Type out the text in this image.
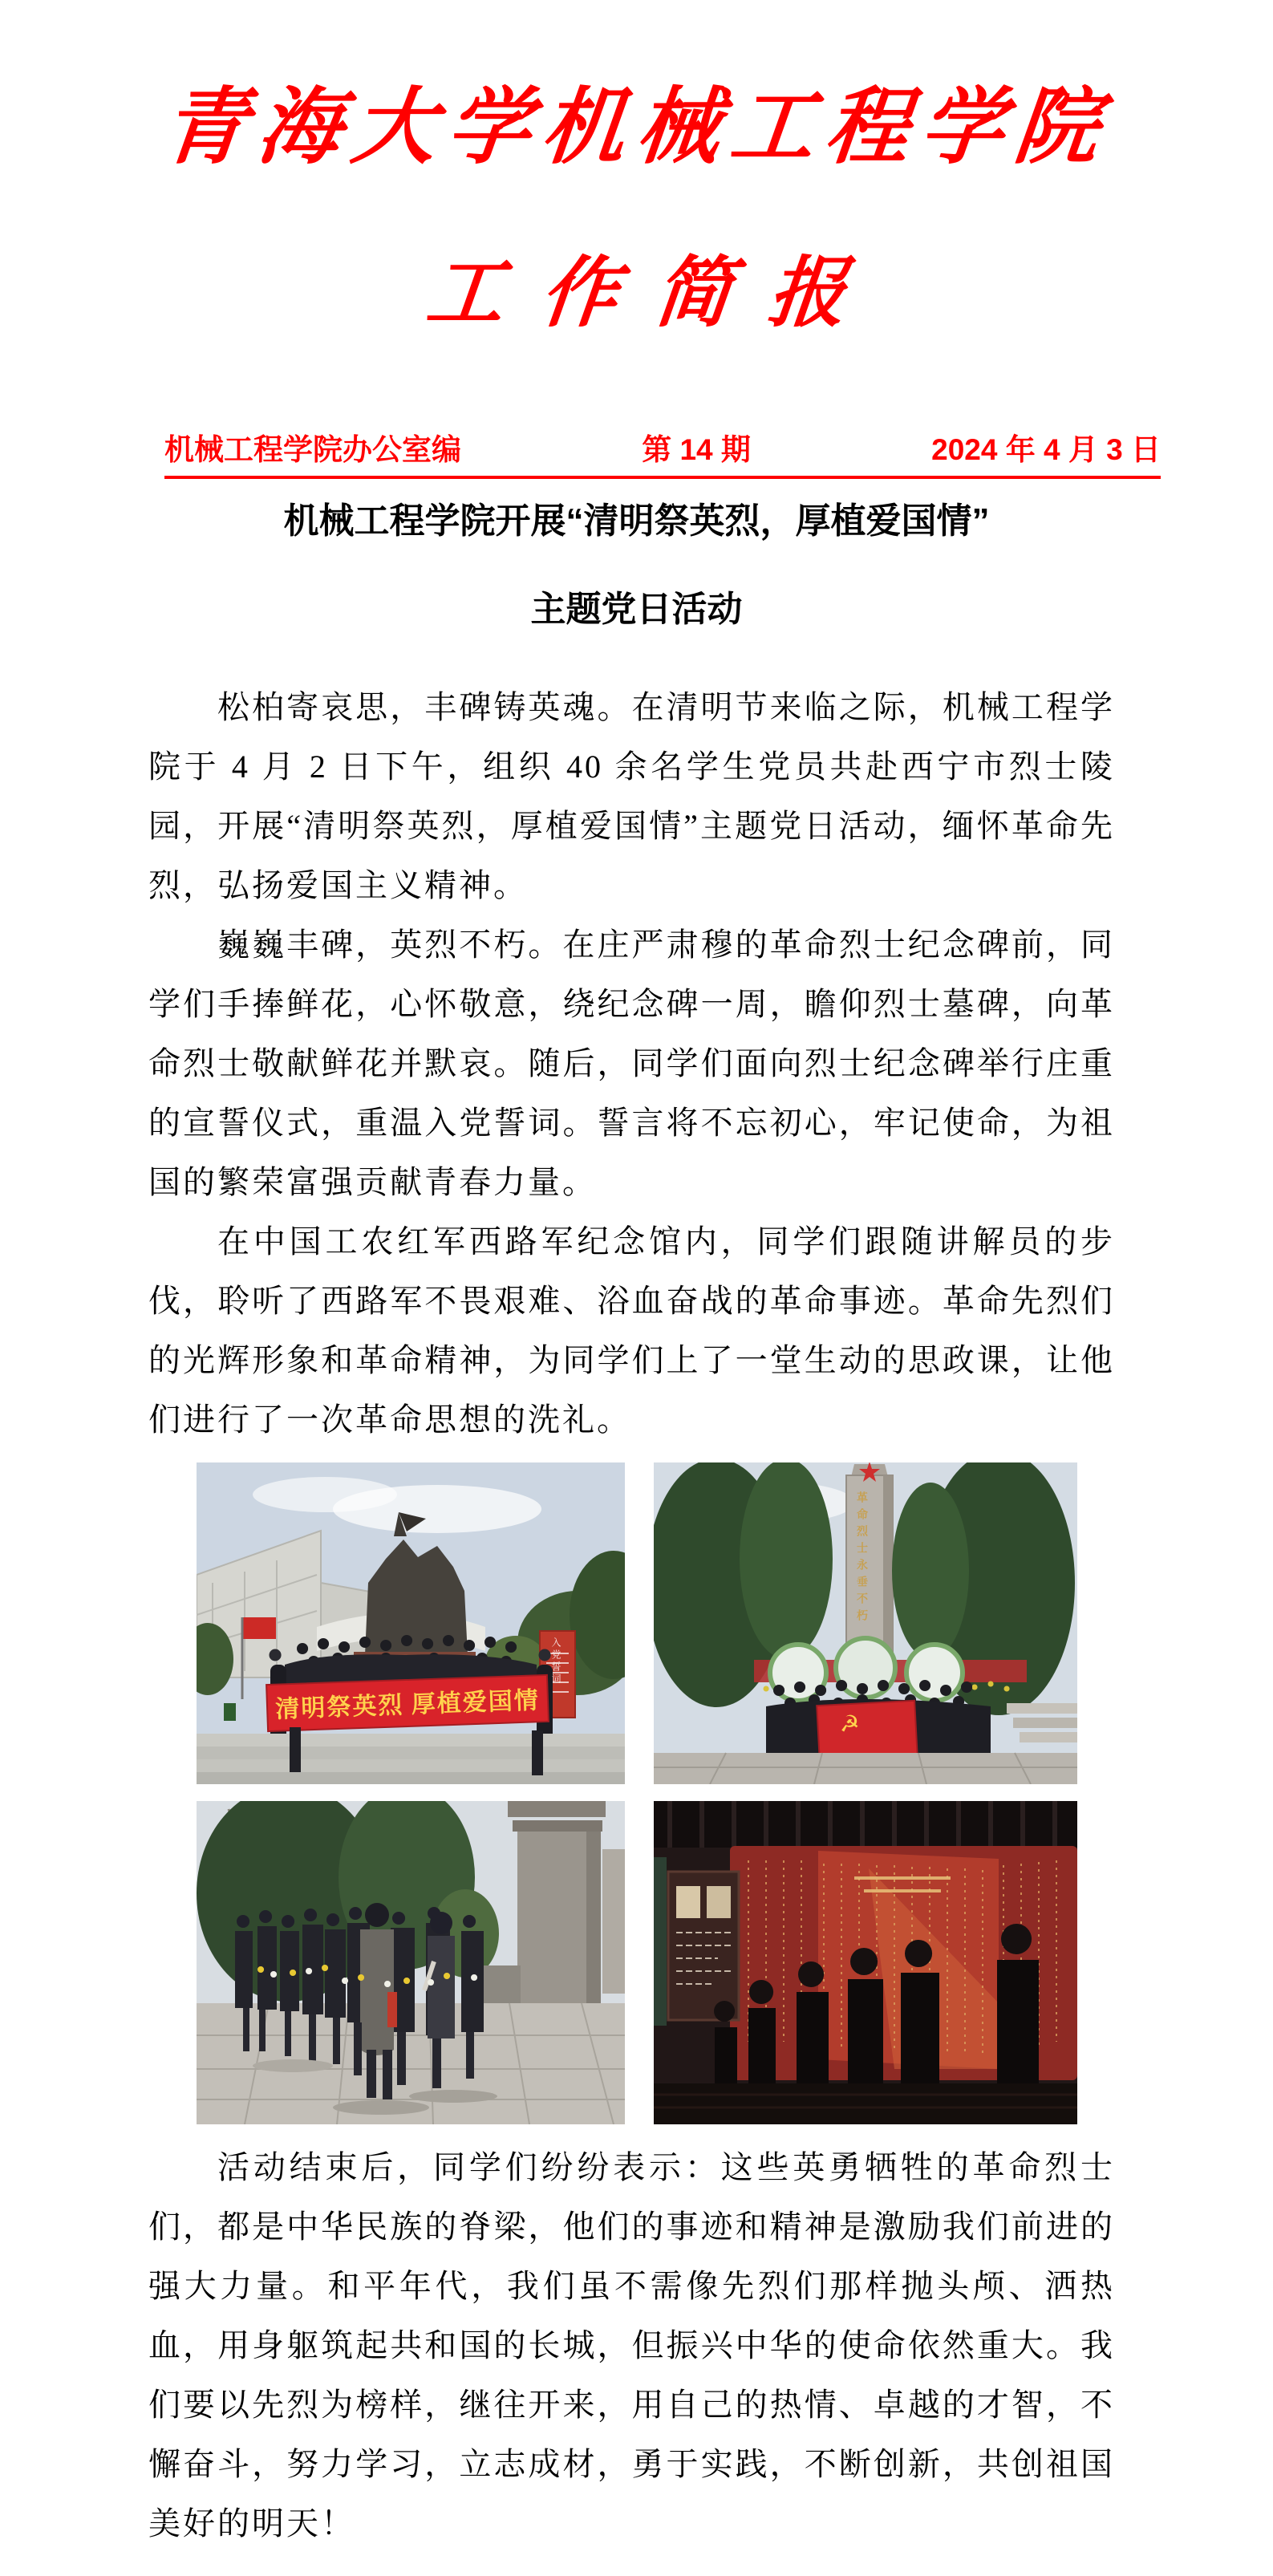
青海大学机械工程学院
工作简报
机械工程学院办公室编	第 14 期	2024 年 4 月 3 日
机械工程学院开展“清明祭英烈，厚植爱国情”
主题党日活动

松柏寄哀思，丰碑铸英魂。在清明节来临之际，机械工程学院于 4 月 2 日下午，组织 40 余名学生党员共赴西宁市烈士陵园，开展“清明祭英烈，厚植爱国情”主题党日活动，缅怀革命先烈，弘扬爱国主义精神。

巍巍丰碑，英烈不朽。在庄严肃穆的革命烈士纪念碑前，同学们手捧鲜花，心怀敬意，绕纪念碑一周，瞻仰烈士墓碑，向革命烈士敬献鲜花并默哀。随后，同学们面向烈士纪念碑举行庄重的宣誓仪式，重温入党誓词。誓言将不忘初心，牢记使命，为祖国的繁荣富强贡献青春力量。

在中国工农红军西路军纪念馆内，同学们跟随讲解员的步伐，聆听了西路军不畏艰难、浴血奋战的革命事迹。革命先烈们的光辉形象和革命精神，为同学们上了一堂生动的思政课，让他们进行了一次革命思想的洗礼。

清明祭英烈 厚植爱国情
入党誓词
☭
革命烈士永垂不朽

活动结束后，同学们纷纷表示：这些英勇牺牲的革命烈士们，都是中华民族的脊梁，他们的事迹和精神是激励我们前进的强大力量。和平年代，我们虽不需像先烈们那样抛头颅、洒热血，用身躯筑起共和国的长城，但振兴中华的使命依然重大。我们要以先烈为榜样，继往开来，用自己的热情、卓越的才智，不懈奋斗，努力学习，立志成材，勇于实践，不断创新，共创祖国美好的明天！
